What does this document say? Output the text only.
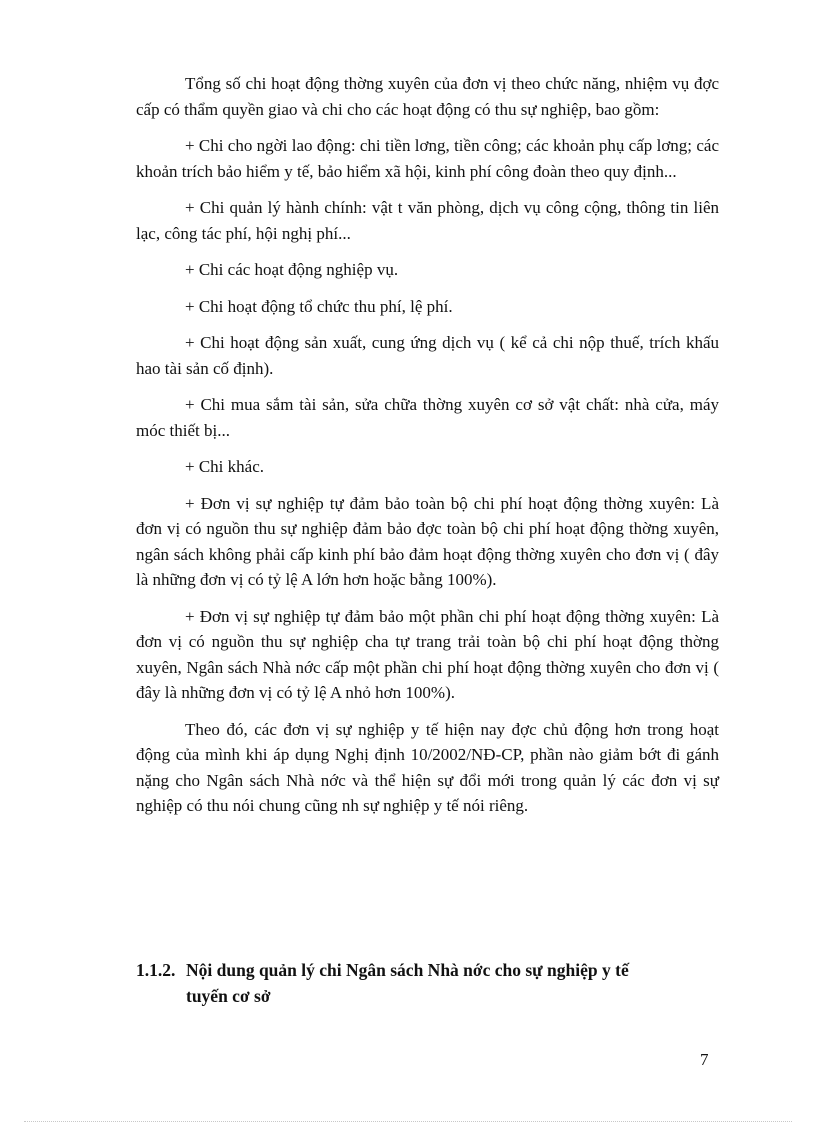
Tổng số chi hoạt động thờng xuyên của đơn vị theo chức năng, nhiệm vụ đợc cấp có thẩm quyền giao và chi cho các hoạt động có thu sự nghiệp, bao gồm:

+ Chi cho ngời lao động: chi tiền lơng, tiền công; các khoản phụ cấp lơng; các khoản trích bảo hiểm y tế, bảo hiểm xã hội, kinh phí công đoàn theo quy định...

+ Chi quản lý hành chính: vật t văn phòng, dịch vụ công cộng, thông tin liên lạc, công tác phí, hội nghị phí...

+ Chi các hoạt động nghiệp vụ.

+ Chi hoạt động tổ chức thu phí, lệ phí.

+ Chi hoạt động sản xuất, cung ứng dịch vụ ( kể cả chi nộp thuế, trích khấu hao tài sản cố định).

+ Chi mua sắm tài sản, sửa chữa thờng xuyên cơ sở vật chất: nhà cửa, máy móc thiết bị...

+ Chi khác.

+ Đơn vị sự nghiệp tự đảm bảo toàn bộ chi phí hoạt động thờng xuyên: Là đơn vị có nguồn thu sự nghiệp đảm bảo đợc toàn bộ chi phí hoạt động thờng xuyên, ngân sách không phải cấp kinh phí bảo đảm hoạt động thờng xuyên cho đơn vị ( đây là những đơn vị có tỷ lệ A lớn hơn hoặc bằng 100%).

+ Đơn vị sự nghiệp tự đảm bảo một phần chi phí hoạt động thờng xuyên: Là đơn vị có nguồn thu sự nghiệp cha tự trang trải toàn bộ chi phí hoạt động thờng xuyên, Ngân sách Nhà nớc cấp một phần chi phí hoạt động thờng xuyên cho đơn vị ( đây là những đơn vị có tỷ lệ A nhỏ hơn 100%).

Theo đó, các đơn vị sự nghiệp y tế hiện nay đợc chủ động hơn trong hoạt động của mình khi áp dụng Nghị định 10/2002/NĐ-CP, phần nào giảm bớt đi gánh nặng cho Ngân sách Nhà nớc và thể hiện sự đổi mới trong quản lý các đơn vị sự nghiệp có thu nói chung cũng nh sự nghiệp y tế nói riêng.

1.1.2. Nội dung quản lý chi Ngân sách Nhà nớc cho sự nghiệp y tế
tuyến cơ sở
7
